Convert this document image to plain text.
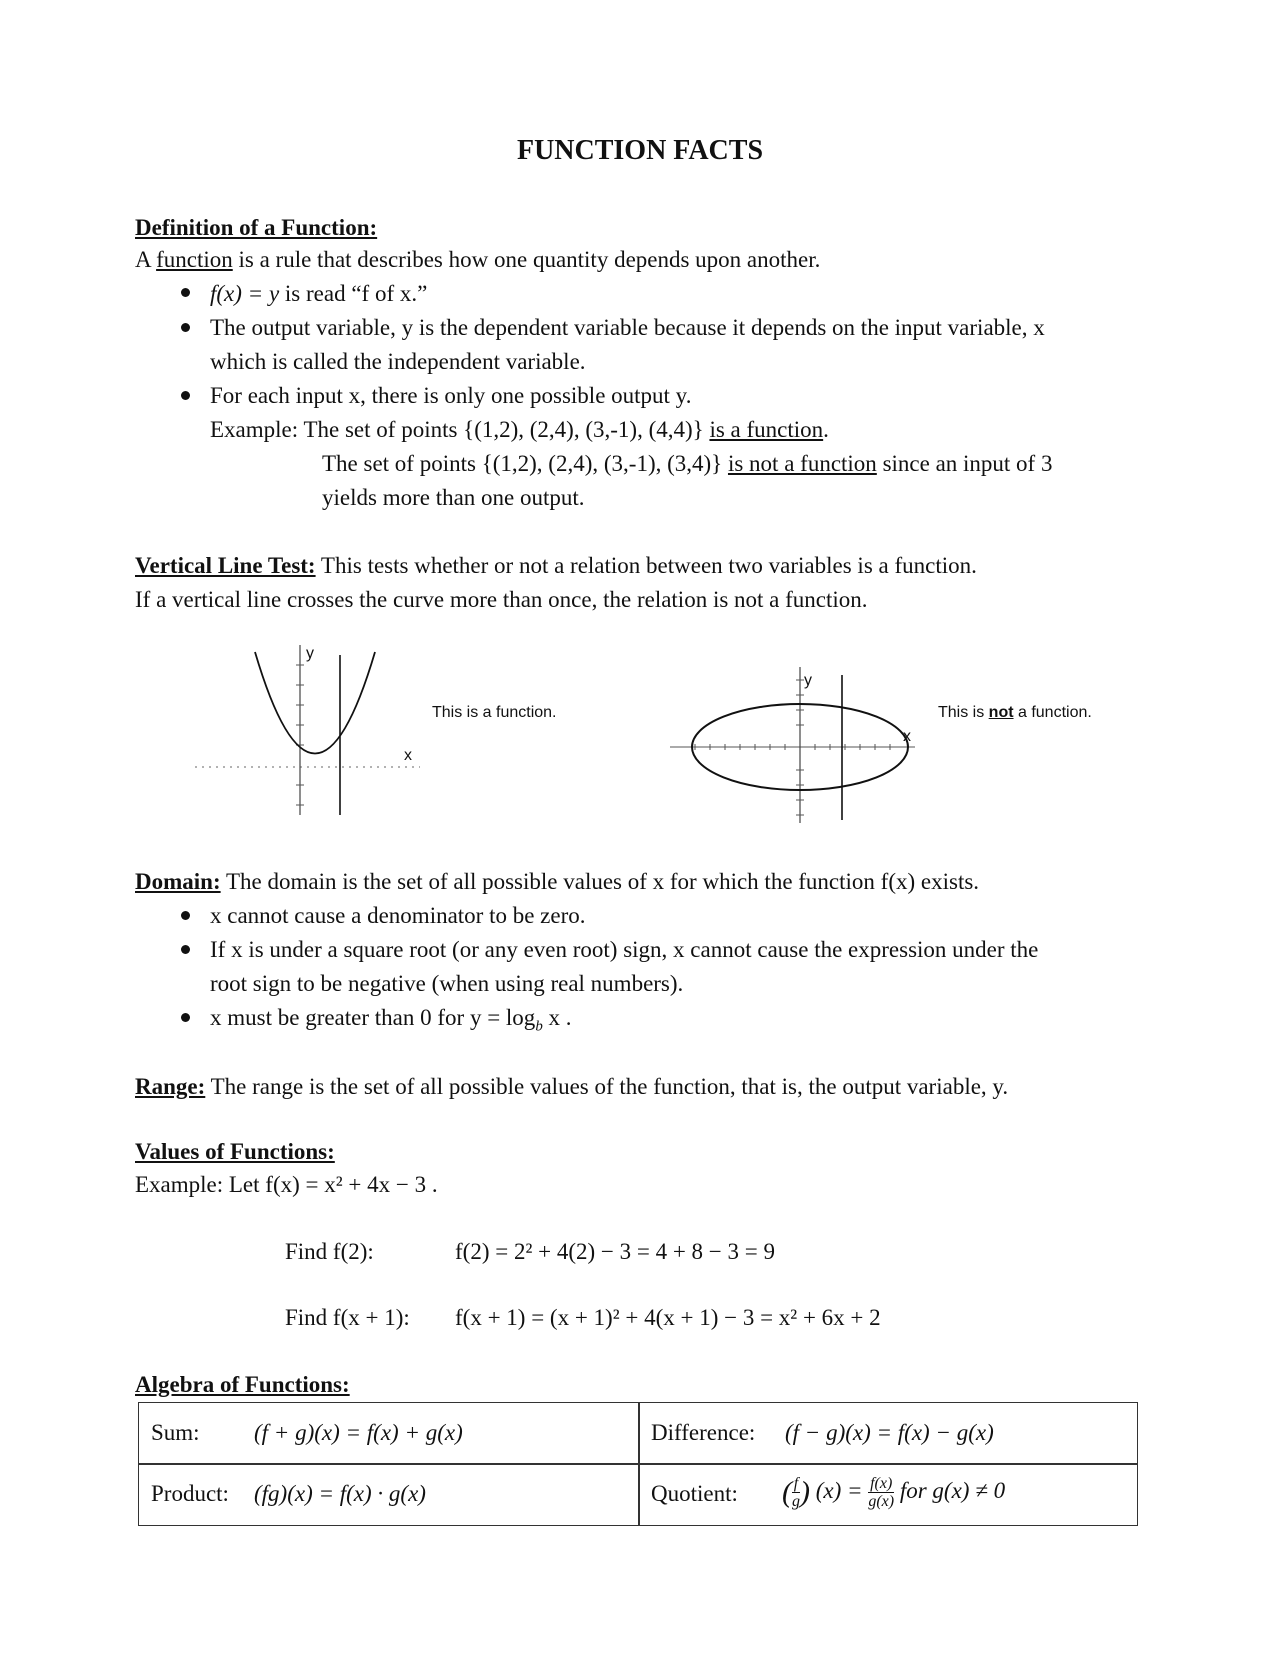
FUNCTION FACTS
Definition of a Function:
A function is a rule that describes how one quantity depends upon another.
f(x) = y is read “f of x.”
The output variable, y is the dependent variable because it depends on the input variable, x
which is called the independent variable.
For each input x, there is only one possible output y.
Example: The set of points {(1,2), (2,4), (3,-1), (4,4)} is a function.
The set of points {(1,2), (2,4), (3,-1), (3,4)} is not a function since an input of 3
yields more than one output.
Vertical Line Test: This tests whether or not a relation between two variables is a function.
If a vertical line crosses the curve more than once, the relation is not a function.
y
x
This is a function.
y
x
This is not a function.
Domain: The domain is the set of all possible values of x for which the function f(x) exists.
x cannot cause a denominator to be zero.
If x is under a square root (or any even root) sign, x cannot cause the expression under the
root sign to be negative (when using real numbers).
x must be greater than 0 for $y = \log_b x$ .
Range: The range is the set of all possible values of the function, that is, the output variable, y.
Values of Functions:
Example: Let f(x) = x² + 4x − 3 .
Find f(2):	f(2) = 2² + 4(2) − 3 = 4 + 8 − 3 = 9
Find f(x + 1): f(x + 1) = (x + 1)² + 4(x + 1) − 3 = x² + 6x + 2
Algebra of Functions:
Sum: (f + g)(x) = f(x) + g(x)	Difference: (f − g)(x) = f(x) − g(x)
Product: (fg)(x) = f(x) · g(x)	Quotient: ( $\frac{f}{g}$ ) $(x) = \frac{f(x)}{g(x)}$ for g(x) ≠ 0
